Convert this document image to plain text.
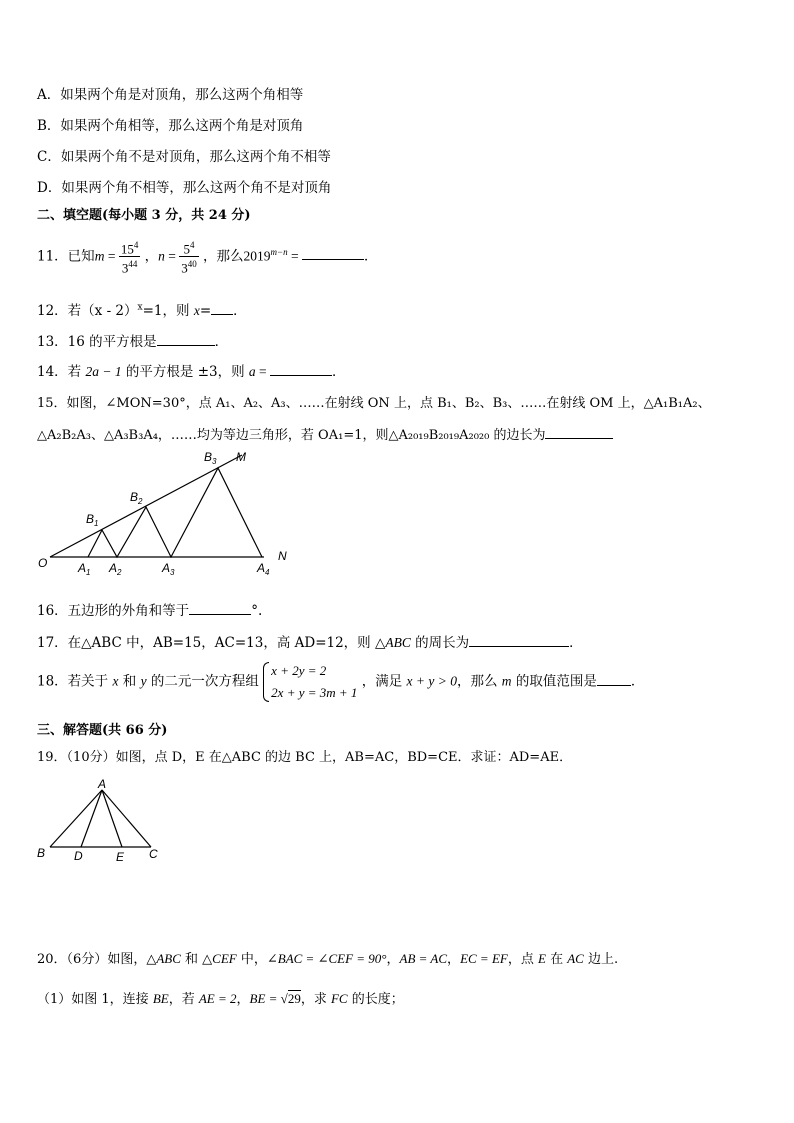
A．如果两个角是对顶角，那么这两个角相等
B．如果两个角相等，那么这两个角是对顶角
C．如果两个角不是对顶角，那么这两个角不相等
D．如果两个角不相等，那么这两个角不是对顶角
二、填空题(每小题 3 分，共 24 分)
11．已知$m = \frac{15^4}{3^{44}}$ ，$n = \frac{5^4}{3^{40}}$ ，那么$2019^{m-n}$ =	．
12．若（x - 2）$^x$=1，则 x= ．
13．16 的平方根是	．
14．若 2a − 1 的平方根是 ±3，则 a =	．
15．如图，∠MON=30°，点 A₁、A₂、A₃、……在射线 ON 上，点 B₁、B₂、B₃、……在射线 OM 上，△A₁B₁A₂、
△A₂B₂A₃、△A₃B₃A₄，……均为等边三角形，若 OA₁=1，则△A₂₀₁₉B₂₀₁₉A₂₀₂₀ 的边长为
O	$A_1$ $A_2$	$A_3$	$A_4$
$B_1$
$B_2$
$B_3$ M
N
16．五边形的外角和等于	°.
17．在△ABC 中，AB=15，AC=13，高 AD=12，则 △ABC 的周长为	．
18．若关于 x 和 y 的二元一次方程组
x + 2y = 2
2x + y = 3m + 1
，满足 x + y > 0，那么 m 的取值范围是	．
三、解答题(共 66 分)
19．（10分）如图，点 D，E 在△ABC 的边 BC 上，AB=AC，BD=CE．求证：AD=AE．
A
B D	E C
20．（6分）如图，△ABC 和 △CEF 中，∠BAC = ∠CEF = 90°，AB = AC，EC = EF，点 E 在 AC 边上.
（1）如图 1，连接 BE，若 AE = 2，BE = √29，求 FC 的长度；
